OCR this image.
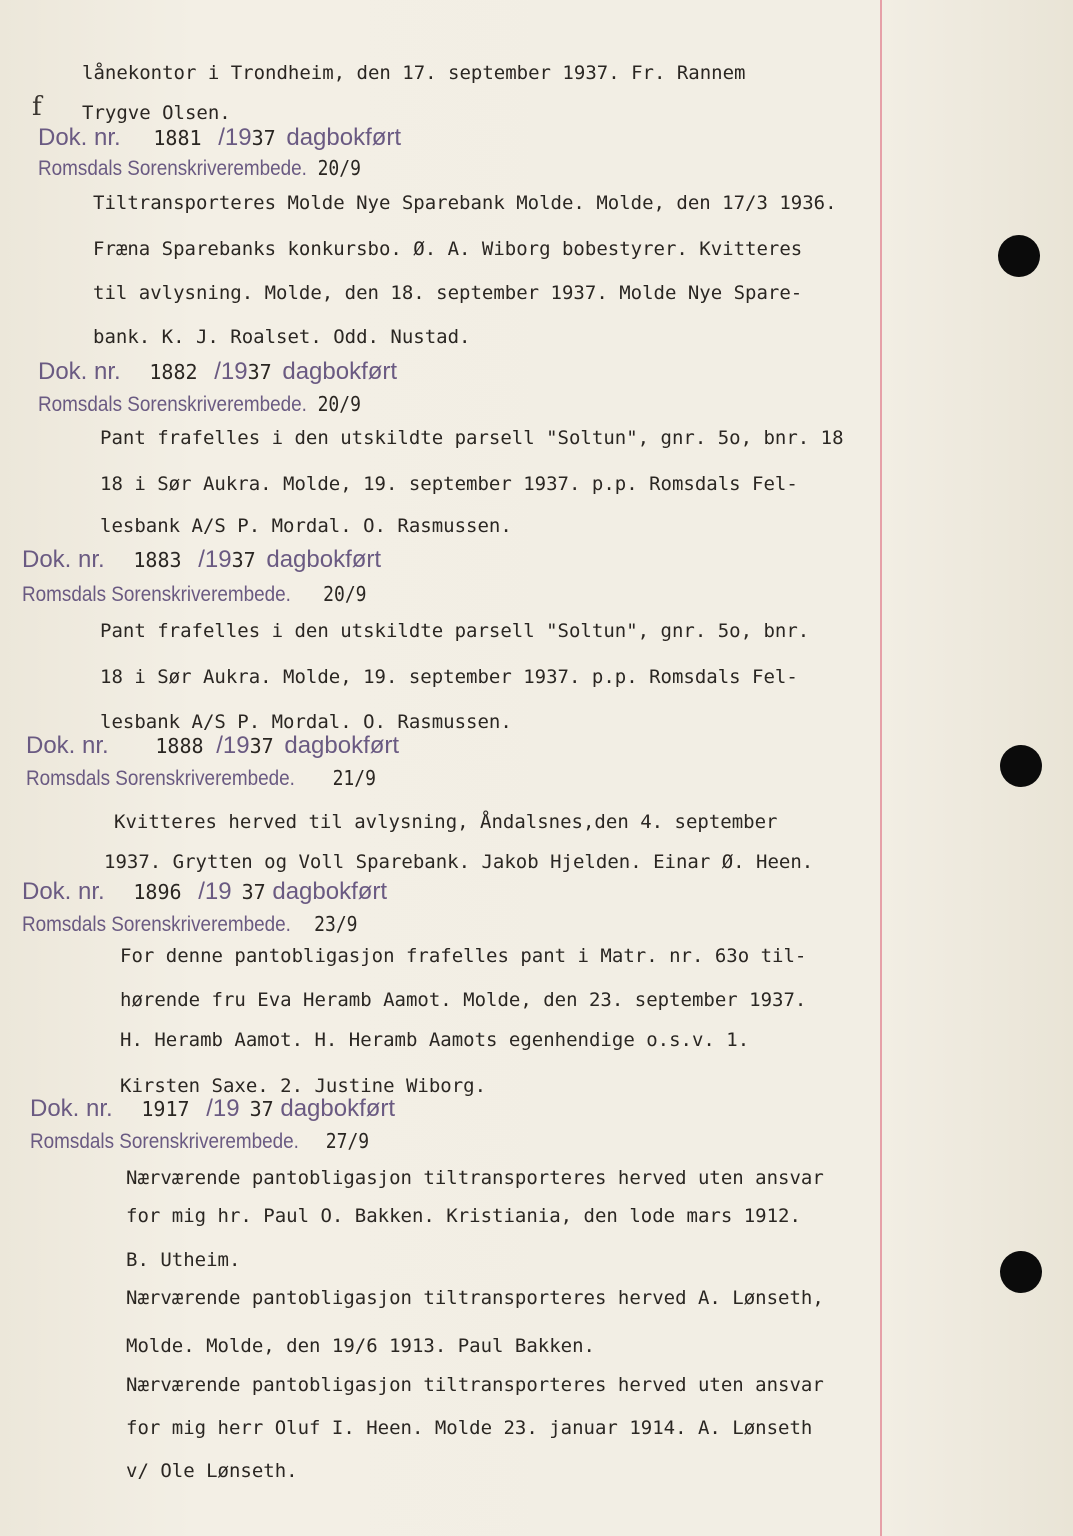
f
lånekontor i Trondheim, den 17. september 1937. Fr. Rannem
Trygve Olsen.
Dok. nr. 1881 /1937 dagbokført
Romsdals Sorenskriverembede. 20/9
Tiltransporteres Molde Nye Sparebank Molde. Molde, den 17/3 1936.
Fræna Sparebanks konkursbo. Ø. A. Wiborg bobestyrer. Kvitteres
til avlysning. Molde, den 18. september 1937. Molde Nye Spare-
bank. K. J. Roalset. Odd. Nustad.
Dok. nr. 1882 /1937 dagbokført
Romsdals Sorenskriverembede. 20/9
Pant frafelles i den utskildte parsell "Soltun", gnr. 5o, bnr. 18
18 i Sør Aukra. Molde, 19. september 1937. p.p. Romsdals Fel-
lesbank A/S P. Mordal. O. Rasmussen.
Dok. nr. 1883 /1937 dagbokført
Romsdals Sorenskriverembede. 20/9
Pant frafelles i den utskildte parsell "Soltun", gnr. 5o, bnr.
18 i Sør Aukra. Molde, 19. september 1937. p.p. Romsdals Fel-
lesbank A/S P. Mordal. O. Rasmussen.
Dok. nr. 1888 /1937 dagbokført
Romsdals Sorenskriverembede. 21/9
Kvitteres herved til avlysning, Åndalsnes,den 4. september
1937. Grytten og Voll Sparebank. Jakob Hjelden. Einar Ø. Heen.
Dok. nr. 1896 /19 37 dagbokført
Romsdals Sorenskriverembede. 23/9
For denne pantobligasjon frafelles pant i Matr. nr. 63o til-
hørende fru Eva Heramb Aamot. Molde, den 23. september 1937.
H. Heramb Aamot. H. Heramb Aamots egenhendige o.s.v. 1.
Kirsten Saxe. 2. Justine Wiborg.
Dok. nr. 1917 /19 37 dagbokført
Romsdals Sorenskriverembede. 27/9
Nærværende pantobligasjon tiltransporteres herved uten ansvar
for mig hr. Paul O. Bakken. Kristiania, den lode mars 1912.
B. Utheim.
Nærværende pantobligasjon tiltransporteres herved A. Lønseth,
Molde. Molde, den 19/6 1913. Paul Bakken.
Nærværende pantobligasjon tiltransporteres herved uten ansvar
for mig herr Oluf I. Heen. Molde 23. januar 1914. A. Lønseth
v/ Ole Lønseth.
